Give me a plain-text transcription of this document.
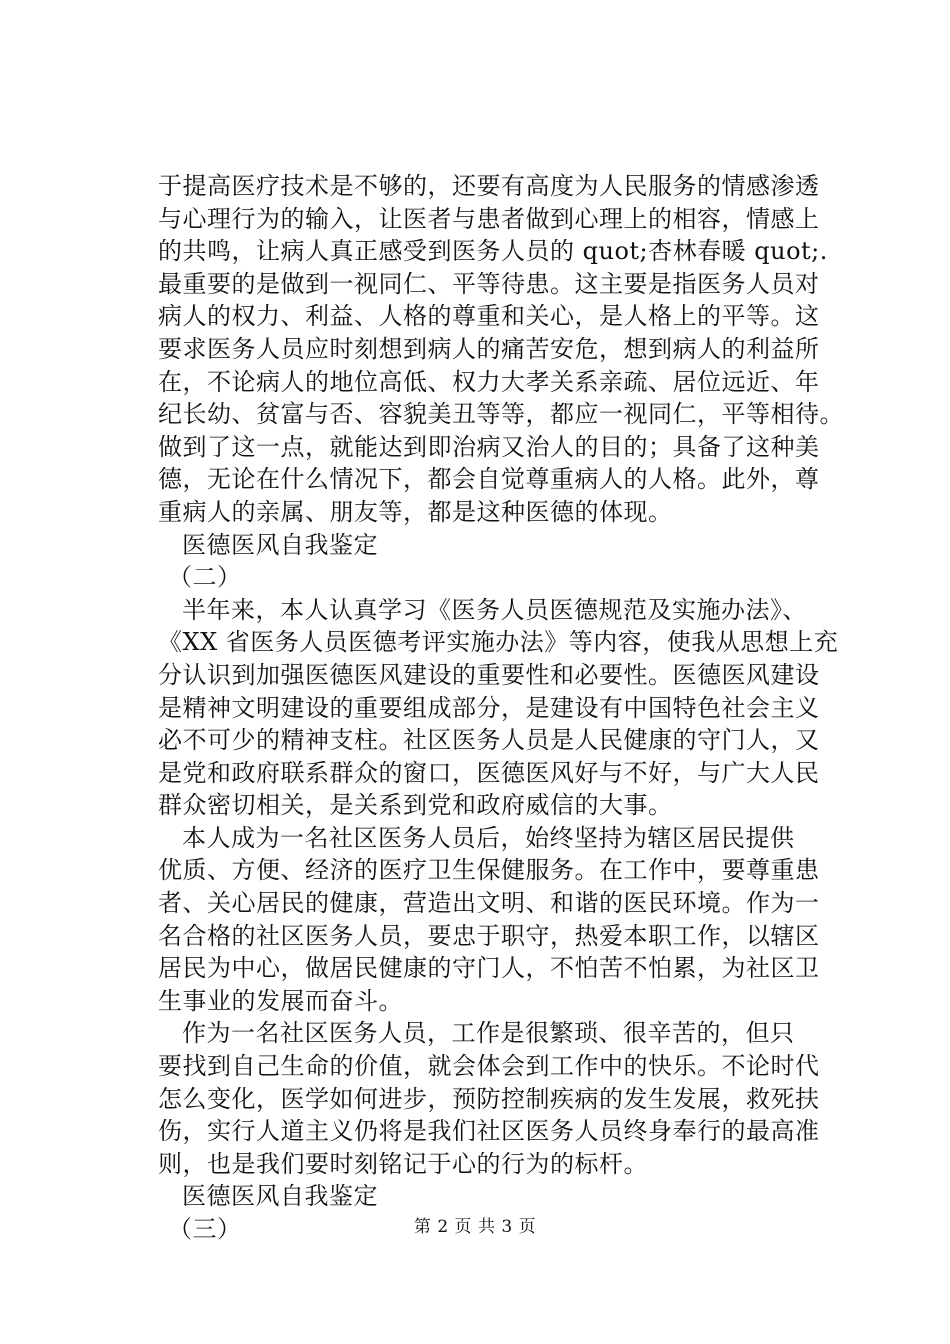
于提高医疗技术是不够的，还要有高度为人民服务的情感渗透
与心理行为的输入，让医者与患者做到心理上的相容，情感上
的共鸣，让病人真正感受到医务人员的 quot;杏林春暖 quot;.
最重要的是做到一视同仁、平等待患。这主要是指医务人员对
病人的权力、利益、人格的尊重和关心，是人格上的平等。这
要求医务人员应时刻想到病人的痛苦安危，想到病人的利益所
在，不论病人的地位高低、权力大孝关系亲疏、居位远近、年
纪长幼、贫富与否、容貌美丑等等，都应一视同仁，平等相待。
做到了这一点，就能达到即治病又治人的目的；具备了这种美
德，无论在什么情况下，都会自觉尊重病人的人格。此外，尊
重病人的亲属、朋友等，都是这种医德的体现。
医德医风自我鉴定
（二）
半年来，本人认真学习《医务人员医德规范及实施办法》、
《XX 省医务人员医德考评实施办法》等内容，使我从思想上充
分认识到加强医德医风建设的重要性和必要性。医德医风建设
是精神文明建设的重要组成部分，是建设有中国特色社会主义
必不可少的精神支柱。社区医务人员是人民健康的守门人，又
是党和政府联系群众的窗口，医德医风好与不好，与广大人民
群众密切相关，是关系到党和政府威信的大事。
本人成为一名社区医务人员后，始终坚持为辖区居民提供
优质、方便、经济的医疗卫生保健服务。在工作中，要尊重患
者、关心居民的健康，营造出文明、和谐的医民环境。作为一
名合格的社区医务人员，要忠于职守，热爱本职工作，以辖区
居民为中心，做居民健康的守门人，不怕苦不怕累，为社区卫
生事业的发展而奋斗。
作为一名社区医务人员，工作是很繁琐、很辛苦的，但只
要找到自己生命的价值，就会体会到工作中的快乐。不论时代
怎么变化，医学如何进步，预防控制疾病的发生发展，救死扶
伤，实行人道主义仍将是我们社区医务人员终身奉行的最高准
则，也是我们要时刻铭记于心的行为的标杆。
医德医风自我鉴定
（三）	第 2 页 共 3 页
